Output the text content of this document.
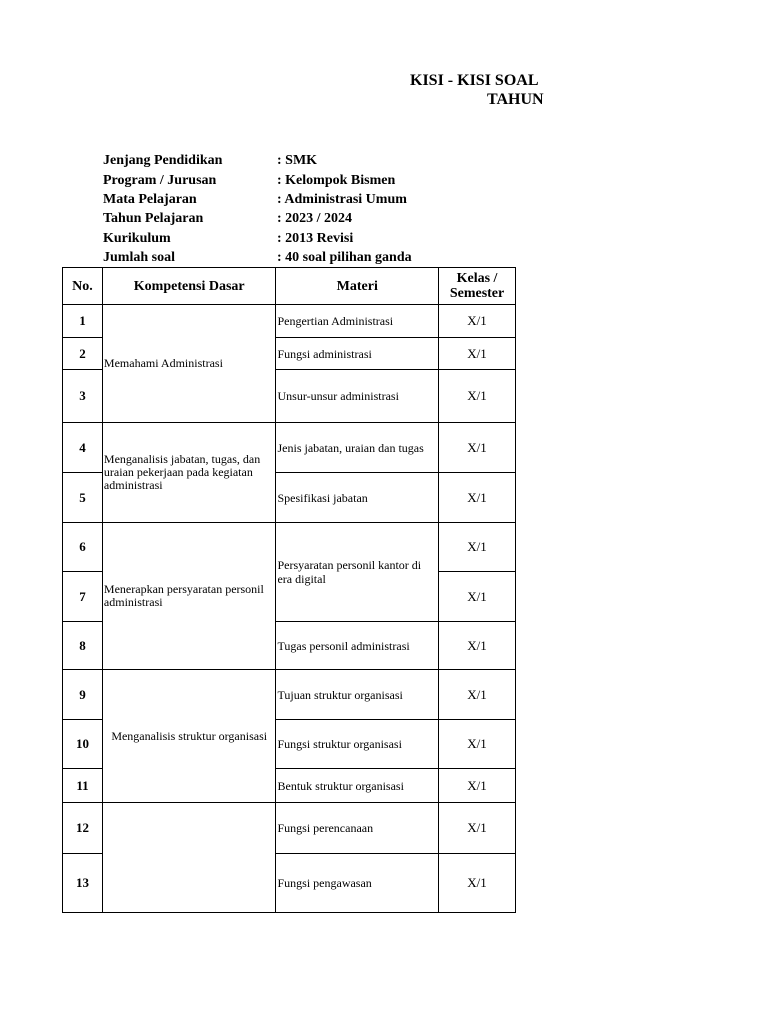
KISI - KISI SOAL
TAHUN
Jenjang Pendidikan	: SMK
Program / Jurusan	: Kelompok Bismen
Mata Pelajaran	: Administrasi Umum
Tahun Pelajaran	: 2023 / 2024
Kurikulum	: 2013 Revisi
Jumlah soal	: 40 soal pilihan ganda
No.	Kompetensi Dasar	Materi	Kelas / Semester
1	Memahami Administrasi	Pengertian Administrasi	X/1
2		Fungsi administrasi	X/1
3		Unsur-unsur administrasi	X/1
4	Menganalisis jabatan, tugas, dan uraian pekerjaan pada kegiatan administrasi	Jenis jabatan, uraian dan tugas	X/1
5		Spesifikasi jabatan	X/1
6	Menerapkan persyaratan personil administrasi	Persyaratan personil kantor di era digital	X/1
7			X/1
8		Tugas personil administrasi	X/1
9	Menganalisis struktur organisasi	Tujuan struktur organisasi	X/1
10		Fungsi struktur organisasi	X/1
11		Bentuk struktur organisasi	X/1
12		Fungsi perencanaan	X/1
13		Fungsi pengawasan	X/1
